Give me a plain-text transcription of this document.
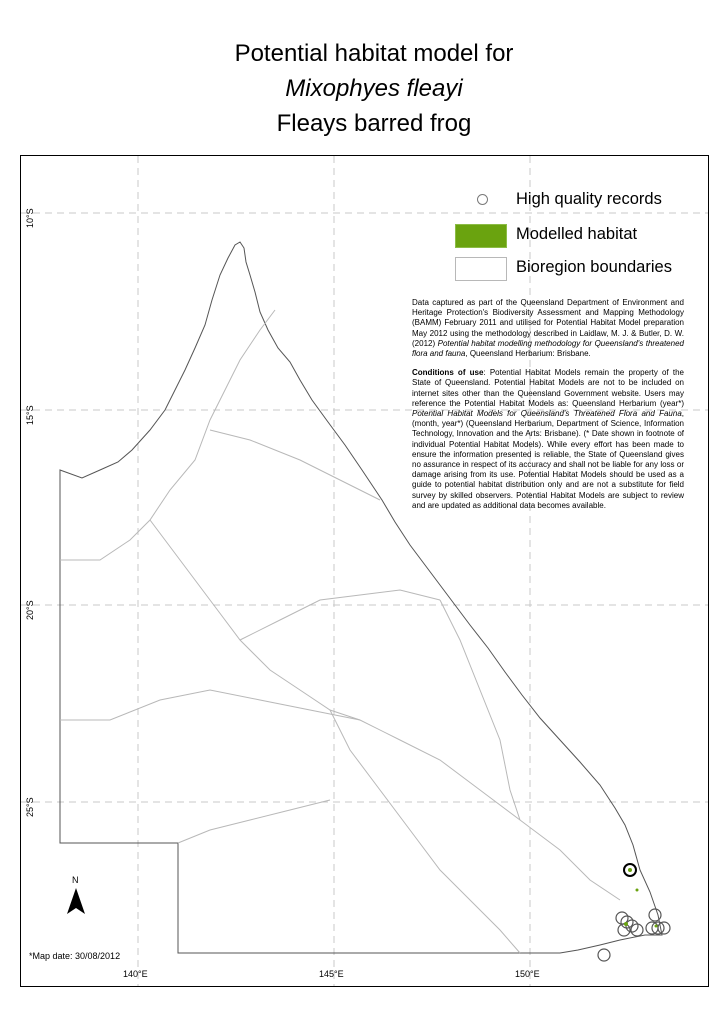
Potential habitat model for
Mixophyes fleayi
Fleays barred frog
N
High quality records
Modelled habitat
Bioregion boundaries

Data captured as part of the Queensland Department of Environment and Heritage Protection's Biodiversity Assessment and Mapping Methodology (BAMM) February 2011 and utilised for Potential Habitat Model preparation May 2012 using the methodology described in Laidlaw, M. J. & Butler, D. W. (2012) Potential habitat modelling methodology for Queensland's threatened flora and fauna, Queensland Herbarium: Brisbane.

Conditions of use: Potential Habitat Models remain the property of the State of Queensland. Potential Habitat Models are not to be included on internet sites other than the Queensland Government website. Users may reference the Potential Habitat Models as: Queensland Herbarium (year*) Potential Habitat Models for Queensland's Threatened Flora and Fauna, (month, year*) (Queensland Herbarium, Department of Science, Information Technology, Innovation and the Arts: Brisbane). (* Date shown in footnote of individual Potential Habitat Models). While every effort has been made to ensure the information presented is reliable, the State of Queensland gives no assurance in respect of its accuracy and shall not be liable for any loss or damage arising from its use. Potential Habitat Models should be used as a guide to potential habitat distribution only and are not a substitute for field survey by skilled observers. Potential Habitat Models are subject to review and are updated as additional data becomes available.

10°S
15°S
20°S
25°S
140°E	145°E	150°E
*Map date: 30/08/2012
